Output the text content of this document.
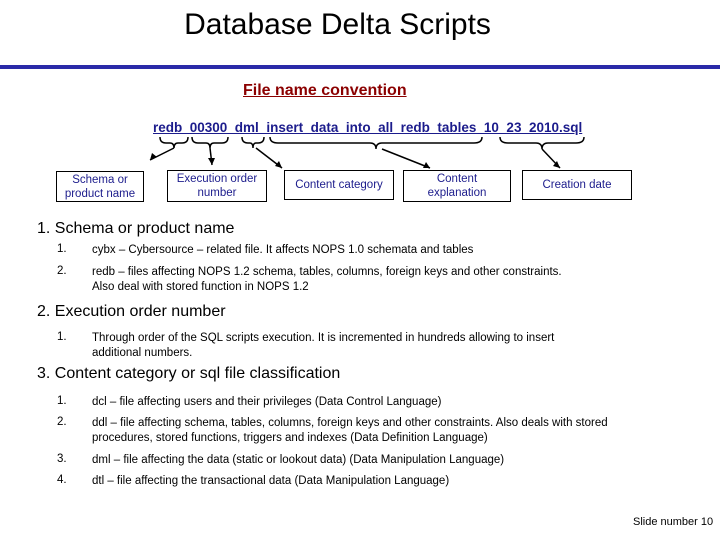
Database Delta Scripts
File name convention
redb_00300_dml_insert_data_into_all_redb_tables_10_23_2010.sql
Schema or product name
Execution order number
Content category	Content explanation
Creation date
1. Schema or product name
1. cybx – Cybersource – related file. It affects NOPS 1.0 schemata and tables
2. redb – files affecting NOPS 1.2 schema, tables, columns, foreign keys and other constraints. Also deal with stored function in NOPS 1.2
2. Execution order number
1. Through order of the SQL scripts execution. It is incremented in hundreds allowing to insert additional numbers.
3. Content category or sql file classification
1. dcl – file affecting users and their privileges (Data Control Language)
2. ddl – file affecting schema, tables, columns, foreign keys and other constraints. Also deals with stored procedures, stored functions, triggers and indexes (Data Definition Language)
3. dml – file affecting the data (static or lookout data) (Data Manipulation Language)
4. dtl – file affecting the transactional data (Data Manipulation Language)
Slide number 10
